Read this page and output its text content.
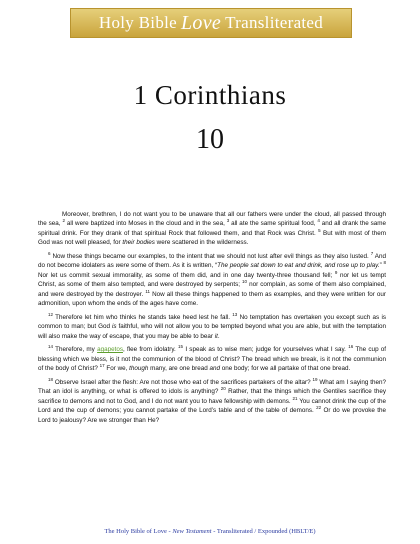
Holy Bible Love Transliterated
1 Corinthians
10

Moreover, brethren, I do not want you to be unaware that all our fathers were under the cloud, all passed through the sea, $^2$ all were baptized into Moses in the cloud and in the sea, $^3$ all ate the same spiritual food, $^4$ and all drank the same spiritual drink. For they drank of that spiritual Rock that followed them, and that Rock was Christ. $^5$ But with most of them God was not well pleased, for their bodies were scattered in the wilderness.

$^6$ Now these things became our examples, to the intent that we should not lust after evil things as they also lusted. $^7$ And do not become idolaters as were some of them. As it is written, “The people sat down to eat and drink, and rose up to play.” $^8$ Nor let us commit sexual immorality, as some of them did, and in one day twenty-three thousand fell; $^9$ nor let us tempt Christ, as some of them also tempted, and were destroyed by serpents; $^{10}$ nor complain, as some of them also complained, and were destroyed by the destroyer. $^{11}$ Now all these things happened to them as examples, and they were written for our admonition, upon whom the ends of the ages have come.

$^{12}$ Therefore let him who thinks he stands take heed lest he fall. $^{13}$ No temptation has overtaken you except such as is common to man; but God is faithful, who will not allow you to be tempted beyond what you are able, but with the temptation will also make the way of escape, that you may be able to bear it.

$^{14}$ Therefore, my agapetos, flee from idolatry. $^{15}$ I speak as to wise men; judge for yourselves what I say. $^{16}$ The cup of blessing which we bless, is it not the communion of the blood of Christ? The bread which we break, is it not the communion of the body of Christ? $^{17}$ For we, though many, are one bread and one body; for we all partake of that one bread.

$^{18}$ Observe Israel after the flesh: Are not those who eat of the sacrifices partakers of the altar? $^{19}$ What am I saying then? That an idol is anything, or what is offered to idols is anything? $^{20}$ Rather, that the things which the Gentiles sacrifice they sacrifice to demons and not to God, and I do not want you to have fellowship with demons. $^{21}$ You cannot drink the cup of the Lord and the cup of demons; you cannot partake of the Lord’s table and of the table of demons. $^{22}$ Or do we provoke the Lord to jealousy? Are we stronger than He?

The Holy Bible of Love - New Testament - Transliterated / Expounded (HBLT/E)
